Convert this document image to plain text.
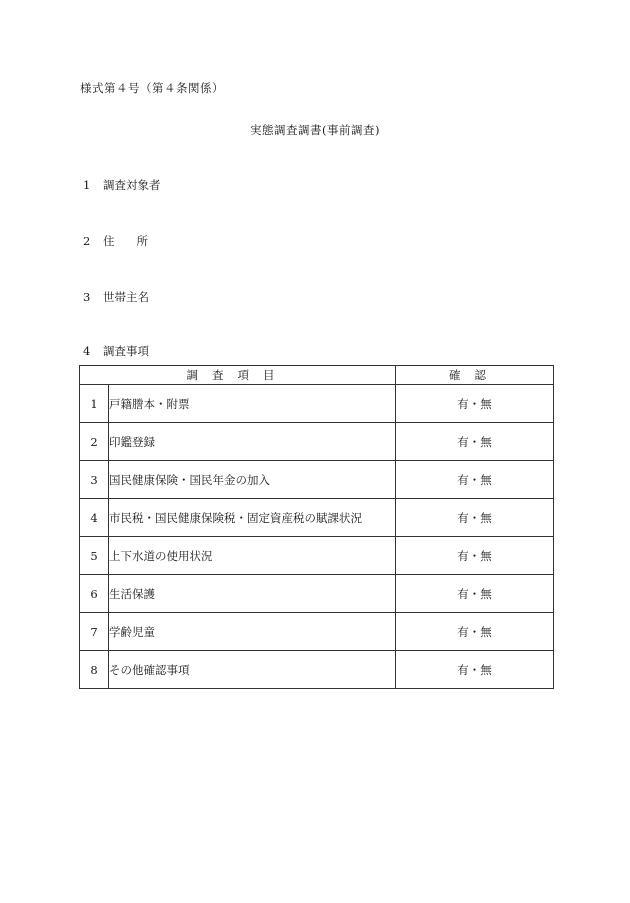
様式第４号（第４条関係）
実態調査調書(事前調査)
1 調査対象者
2 住所
3 世帯主名
4 調査事項
調査項目		確認
1	戸籍謄本・附票	有・無
2	印鑑登録	有・無
3	国民健康保険・国民年金の加入	有・無
4	市民税・国民健康保険税・固定資産税の賦課状況	有・無
5	上下水道の使用状況	有・無
6	生活保護	有・無
7	学齢児童	有・無
8	その他確認事項	有・無
